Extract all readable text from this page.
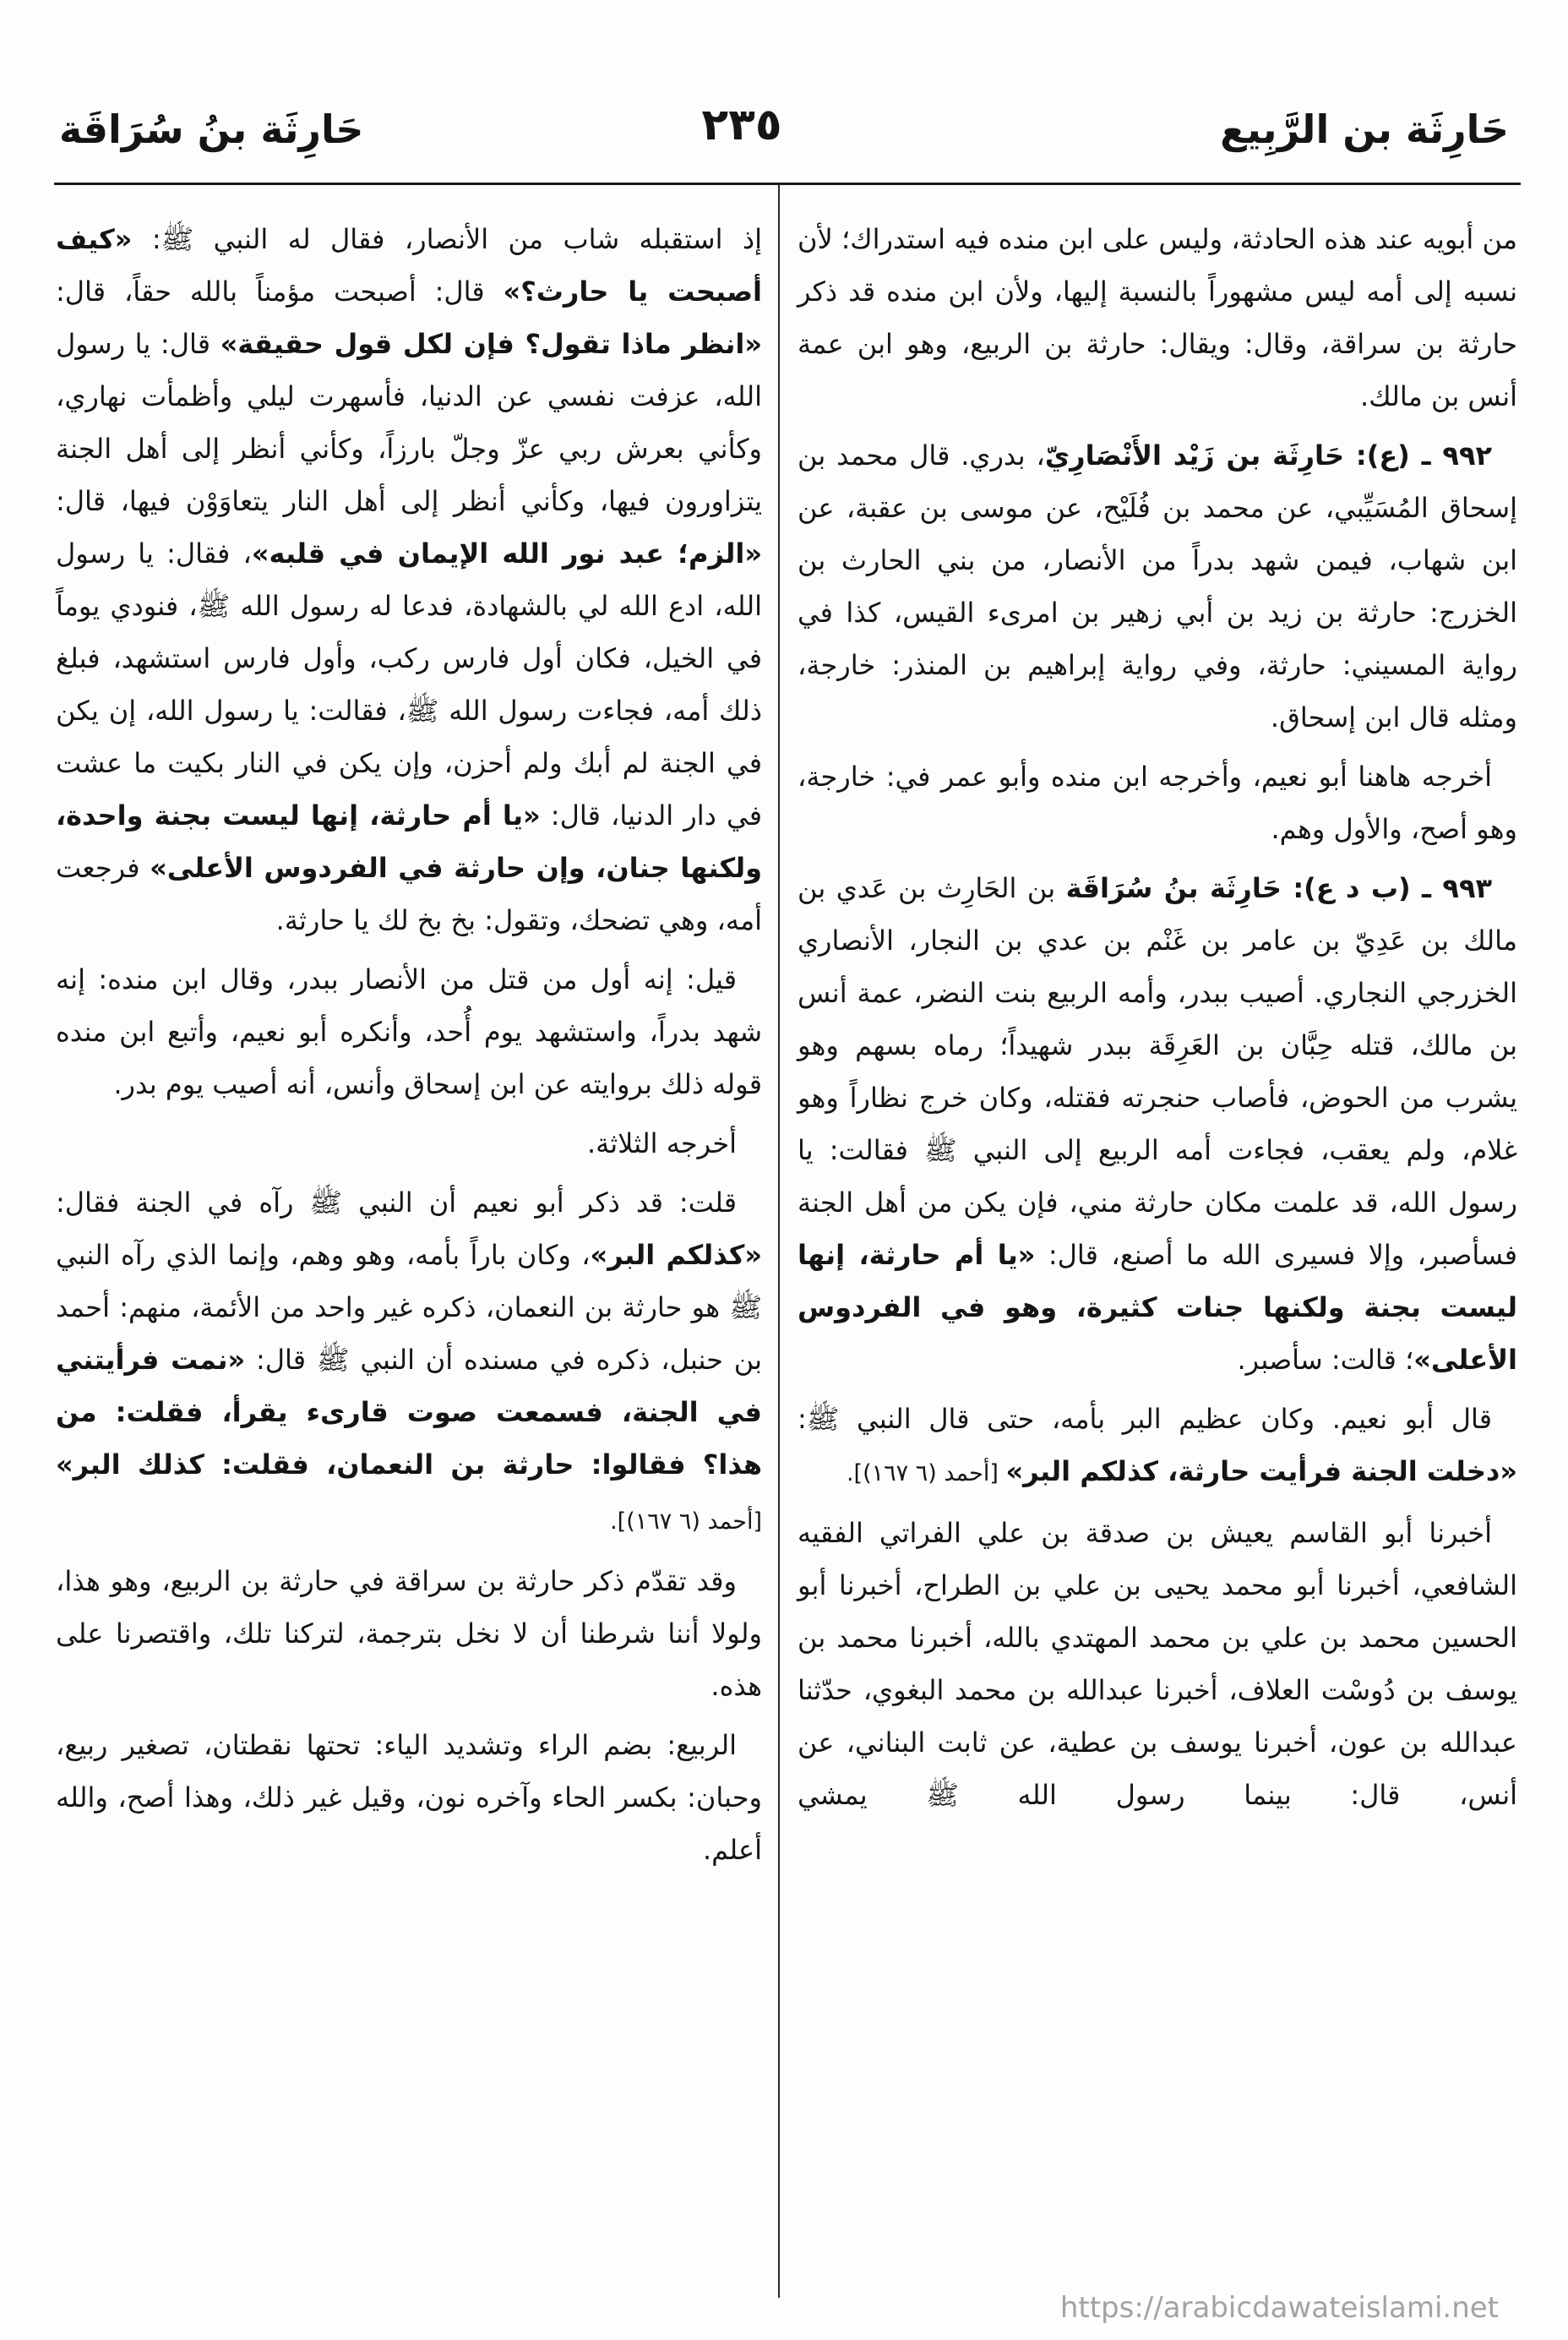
حَارِثَة بن الرَّبِيع
٢٣٥
حَارِثَة بنُ سُرَاقَة

من أبويه عند هذه الحادثة، وليس على ابن منده فيه استدراك؛ لأن نسبه إلى أمه ليس مشهوراً بالنسبة إليها، ولأن ابن منده قد ذكر حارثة بن سراقة، وقال: ويقال: حارثة بن الربيع، وهو ابن عمة أنس بن مالك.

٩٩٢ ـ (ع): حَارِثَة بن زَيْد الأَنْصَارِيّ، بدري. قال محمد بن إسحاق المُسَيِّبي، عن محمد بن فُلَيْح، عن موسى بن عقبة، عن ابن شهاب، فيمن شهد بدراً من الأنصار، من بني الحارث بن الخزرج: حارثة بن زيد بن أبي زهير بن امرىء القيس، كذا في رواية المسيني: حارثة، وفي رواية إبراهيم بن المنذر: خارجة، ومثله قال ابن إسحاق.

أخرجه هاهنا أبو نعيم، وأخرجه ابن منده وأبو عمر في: خارجة، وهو أصح، والأول وهم.

٩٩٣ ـ (ب د ع): حَارِثَة بنُ سُرَاقَة بن الحَارِث بن عَدي بن مالك بن عَدِيّ بن عامر بن غَنْم بن عدي بن النجار، الأنصاري الخزرجي النجاري. أصيب ببدر، وأمه الربيع بنت النضر، عمة أنس بن مالك، قتله حِبَّان بن العَرِقَة ببدر شهيداً؛ رماه بسهم وهو يشرب من الحوض، فأصاب حنجرته فقتله، وكان خرج نظاراً وهو غلام، ولم يعقب، فجاءت أمه الربيع إلى النبي ﷺ فقالت: يا رسول الله، قد علمت مكان حارثة مني، فإن يكن من أهل الجنة فسأصبر، وإلا فسيرى الله ما أصنع، قال: «يا أم حارثة، إنها ليست بجنة ولكنها جنات كثيرة، وهو في الفردوس الأعلى»؛ قالت: سأصبر.

قال أبو نعيم. وكان عظيم البر بأمه، حتى قال النبي ﷺ: «دخلت الجنة فرأيت حارثة، كذلكم البر» [أحمد (٦ ١٦٧)].

أخبرنا أبو القاسم يعيش بن صدقة بن علي الفراتي الفقيه الشافعي، أخبرنا أبو محمد يحيى بن علي بن الطراح، أخبرنا أبو الحسين محمد بن علي بن محمد المهتدي بالله، أخبرنا محمد بن يوسف بن دُوسْت العلاف، أخبرنا عبدالله بن محمد البغوي، حدّثنا عبدالله بن عون، أخبرنا يوسف بن عطية، عن ثابت البناني، عن أنس، قال: بينما رسول الله ﷺ يمشي

إذ استقبله شاب من الأنصار، فقال له النبي ﷺ: «كيف أصبحت يا حارث؟» قال: أصبحت مؤمناً بالله حقاً، قال: «انظر ماذا تقول؟ فإن لكل قول حقيقة» قال: يا رسول الله، عزفت نفسي عن الدنيا، فأسهرت ليلي وأظمأت نهاري، وكأني بعرش ربي عزّ وجلّ بارزاً، وكأني أنظر إلى أهل الجنة يتزاورون فيها، وكأني أنظر إلى أهل النار يتعاوَوْن فيها، قال: «الزم؛ عبد نور الله الإيمان في قلبه»، فقال: يا رسول الله، ادع الله لي بالشهادة، فدعا له رسول الله ﷺ، فنودي يوماً في الخيل، فكان أول فارس ركب، وأول فارس استشهد، فبلغ ذلك أمه، فجاءت رسول الله ﷺ، فقالت: يا رسول الله، إن يكن في الجنة لم أبك ولم أحزن، وإن يكن في النار بكيت ما عشت في دار الدنيا، قال: «يا أم حارثة، إنها ليست بجنة واحدة، ولكنها جنان، وإن حارثة في الفردوس الأعلى» فرجعت أمه، وهي تضحك، وتقول: بخ بخ لك يا حارثة.

قيل: إنه أول من قتل من الأنصار ببدر، وقال ابن منده: إنه شهد بدراً، واستشهد يوم أُحد، وأنكره أبو نعيم، وأتبع ابن منده قوله ذلك بروايته عن ابن إسحاق وأنس، أنه أصيب يوم بدر.

أخرجه الثلاثة.

قلت: قد ذكر أبو نعيم أن النبي ﷺ رآه في الجنة فقال: «كذلكم البر»، وكان باراً بأمه، وهو وهم، وإنما الذي رآه النبي ﷺ هو حارثة بن النعمان، ذكره غير واحد من الأئمة، منهم: أحمد بن حنبل، ذكره في مسنده أن النبي ﷺ قال: «نمت فرأيتني في الجنة، فسمعت صوت قارىء يقرأ، فقلت: من هذا؟ فقالوا: حارثة بن النعمان، فقلت: كذلك البر» [أحمد (٦ ١٦٧)].

وقد تقدّم ذكر حارثة بن سراقة في حارثة بن الربيع، وهو هذا، ولولا أننا شرطنا أن لا نخل بترجمة، لتركنا تلك، واقتصرنا على هذه.

الربيع: بضم الراء وتشديد الياء: تحتها نقطتان، تصغير ربيع، وحبان: بكسر الحاء وآخره نون، وقيل غير ذلك، وهذا أصح، والله أعلم.

https://arabicdawateislami.net
